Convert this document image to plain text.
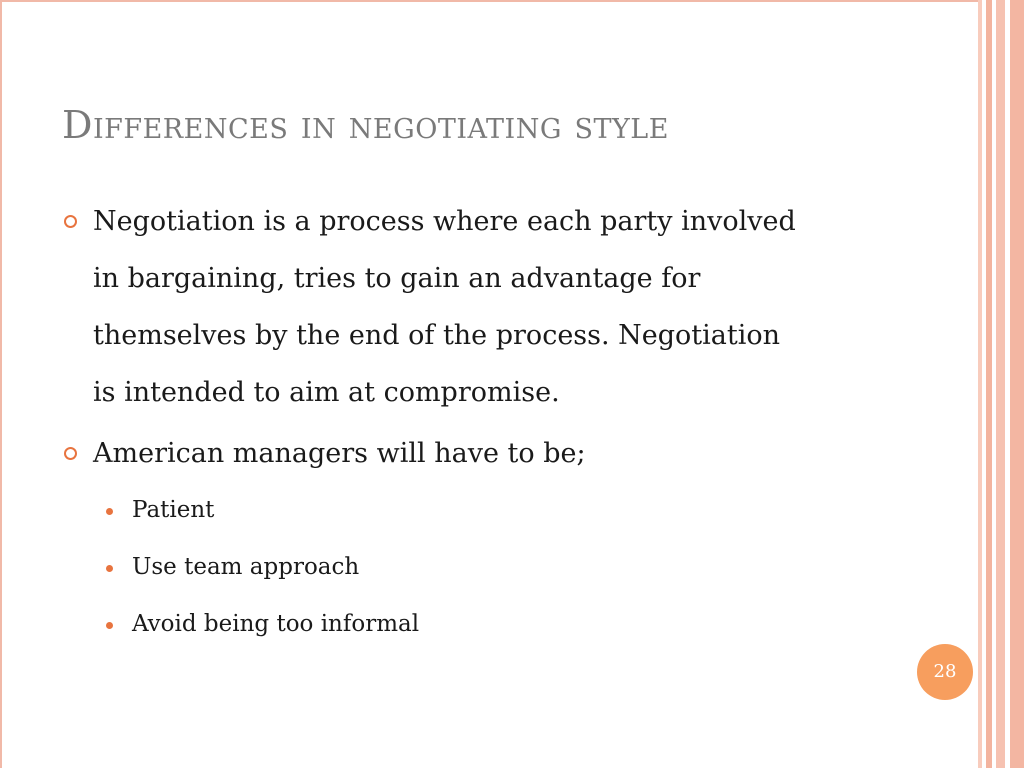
Differences in negotiating style

Negotiation is a process where each party involved in bargaining, tries to gain an advantage for themselves by the end of the process. Negotiation is intended to aim at compromise.

American managers will have to be;

Patient
Use team approach
Avoid being too informal
28
